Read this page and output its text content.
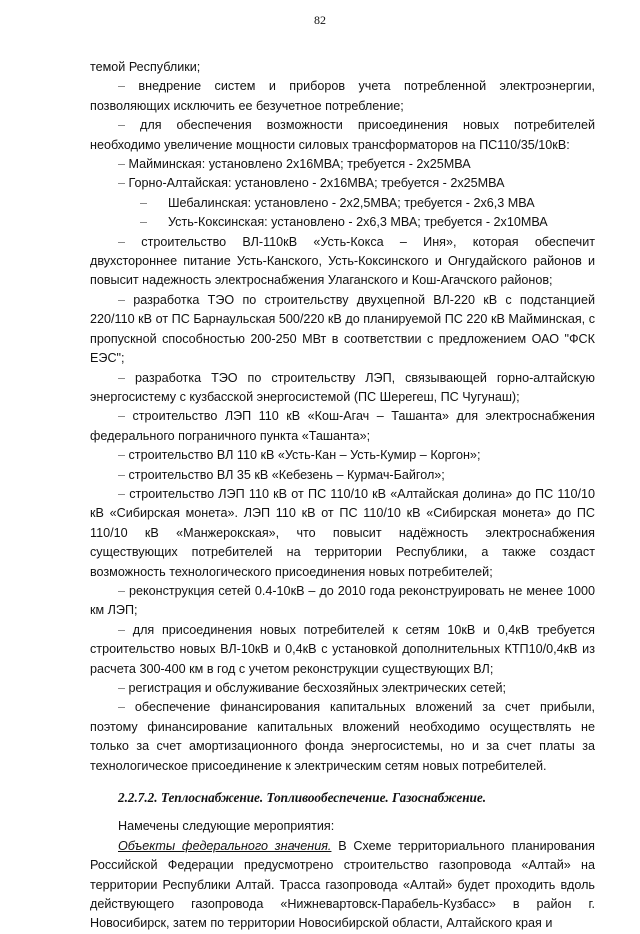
82

темой Республики;

– внедрение систем и приборов учета потребленной электроэнергии, позволяющих исключить ее безучетное потребление;

– для обеспечения возможности присоединения новых потребителей необходимо увеличение мощности силовых трансформаторов на ПС110/35/10кВ:

– Майминская: установлено 2х16МВА; требуется - 2х25МВА

– Горно-Алтайская: установлено - 2х16МВА; требуется - 2х25МВА

– Шебалинская: установлено - 2х2,5МВА; требуется - 2х6,3 МВА

– Усть-Коксинская: установлено - 2х6,3 МВА; требуется - 2х10МВА

– строительство ВЛ-110кВ «Усть-Кокса – Иня», которая обеспечит двухстороннее питание Усть-Канского, Усть-Коксинского и Онгудайского районов и повысит надежность электроснабжения Улаганского и Кош-Агачского районов;

– разработка ТЭО по строительству двухцепной ВЛ-220 кВ с подстанцией 220/110 кВ от ПС Барнаульская 500/220 кВ до планируемой ПС 220 кВ Майминская, с пропускной способностью 200-250 МВт в соответствии с предложением ОАО "ФСК ЕЭС";

– разработка ТЭО по строительству ЛЭП, связывающей горно-алтайскую энергосистему с кузбасской энергосистемой (ПС Шерегеш, ПС Чугунаш);

– строительство ЛЭП 110 кВ «Кош-Агач – Ташанта» для электроснабжения федерального пограничного пункта «Ташанта»;

– строительство ВЛ 110 кВ «Усть-Кан – Усть-Кумир – Коргон»;

– строительство ВЛ 35 кВ «Кебезень – Курмач-Байгол»;

– строительство ЛЭП 110 кВ от ПС 110/10 кВ «Алтайская долина» до ПС 110/10 кВ «Сибирская монета». ЛЭП 110 кВ от ПС 110/10 кВ «Сибирская монета» до ПС 110/10 кВ «Манжерокская», что повысит надёжность электроснабжения существующих потребителей на территории Республики, а также создаст возможность технологического присоединения новых потребителей;

– реконструкция сетей 0.4-10кВ – до 2010 года реконструировать не менее 1000 км ЛЭП;

– для присоединения новых потребителей к сетям 10кВ и 0,4кВ требуется строительство новых ВЛ-10кВ и 0,4кВ с установкой дополнительных КТП10/0,4кВ из расчета 300-400 км в год с учетом реконструкции существующих ВЛ;

– регистрация и обслуживание бесхозяйных электрических сетей;

– обеспечение финансирования капитальных вложений за счет прибыли, поэтому финансирование капитальных вложений необходимо осуществлять не только за счет амортизационного фонда энергосистемы, но и за счет платы за технологическое присоединение к электрическим сетям новых потребителей.

2.2.7.2. Теплоснабжение. Топливообеспечение. Газоснабжение.

Намечены следующие мероприятия:

Объекты федерального значения. В Схеме территориального планирования Российской Федерации предусмотрено строительство газопровода «Алтай» на территории Республики Алтай. Трасса газопровода «Алтай» будет проходить вдоль действующего газопровода «Нижневартовск-Парабель-Кузбасс» в район г. Новосибирск, затем по территории Новосибирской области, Алтайского края и
